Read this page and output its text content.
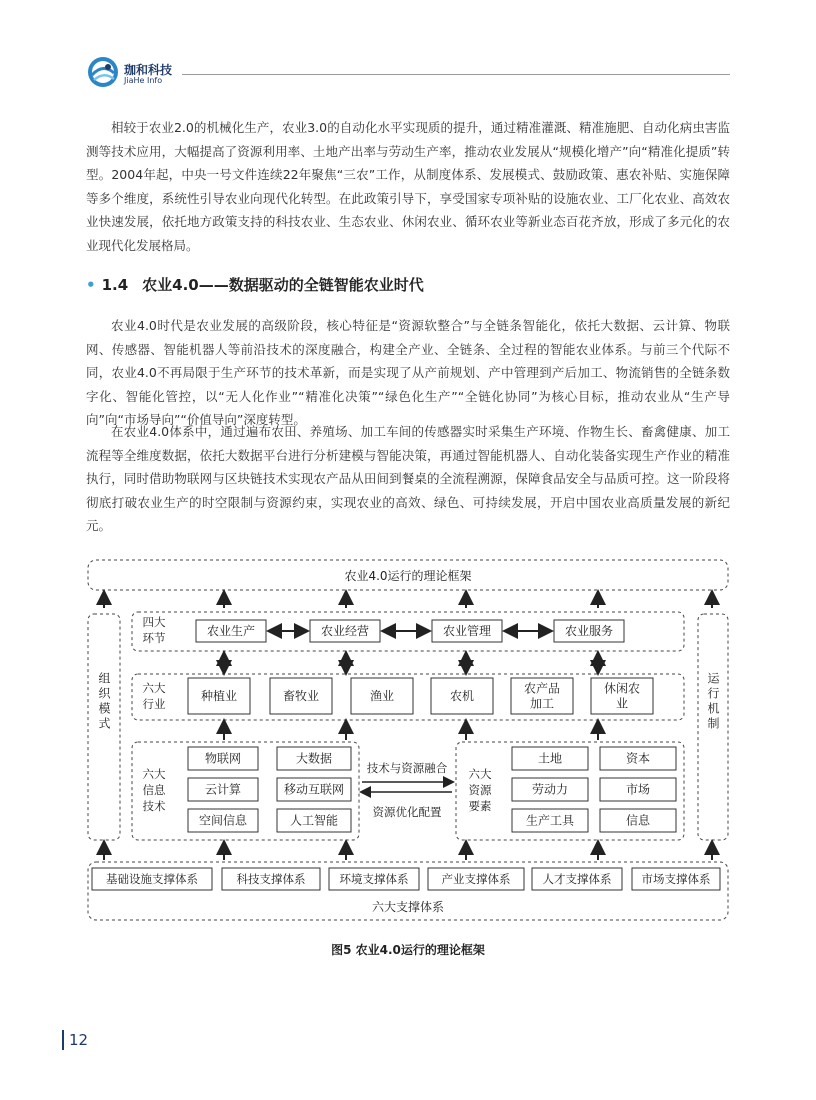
珈和科技
JiaHe Info

相较于农业2.0的机械化生产，农业3.0的自动化水平实现质的提升，通过精准灌溉、精准施肥、自动化病虫害监测等技术应用，大幅提高了资源利用率、土地产出率与劳动生产率，推动农业发展从“规模化增产”向“精准化提质”转型。2004年起，中央一号文件连续22年聚焦“三农”工作，从制度体系、发展模式、鼓励政策、惠农补贴、实施保障等多个维度，系统性引导农业向现代化转型。在此政策引导下，享受国家专项补贴的设施农业、工厂化农业、高效农业快速发展，依托地方政策支持的科技农业、生态农业、休闲农业、循环农业等新业态百花齐放，形成了多元化的农业现代化发展格局。

• 1.4 农业4.0——数据驱动的全链智能农业时代

农业4.0时代是农业发展的高级阶段，核心特征是“资源软整合”与全链条智能化，依托大数据、云计算、物联网、传感器、智能机器人等前沿技术的深度融合，构建全产业、全链条、全过程的智能农业体系。与前三个代际不同，农业4.0不再局限于生产环节的技术革新，而是实现了从产前规划、产中管理到产后加工、物流销售的全链条数字化、智能化管控，以“无人化作业”“精准化决策”“绿色化生产”“全链化协同”为核心目标，推动农业从“生产导向”向“市场导向”“价值导向”深度转型。

在农业4.0体系中，通过遍布农田、养殖场、加工车间的传感器实时采集生产环境、作物生长、畜禽健康、加工流程等全维度数据，依托大数据平台进行分析建模与智能决策，再通过智能机器人、自动化装备实现生产作业的精准执行，同时借助物联网与区块链技术实现农产品从田间到餐桌的全流程溯源，保障食品安全与品质可控。这一阶段将彻底打破农业生产的时空限制与资源约束，实现农业的高效、绿色、可持续发展，开启中国农业高质量发展的新纪元。

农业4.0运行的理论框架
组织模式	运行机制
四大
环节	农业生产	农业经营	农业管理	农业服务
六大
行业
种植业	畜牧业	渔业	农机
农产品
加工
休闲农
业
六大
信息
技术
物联网	大数据
云计算	移动互联网
空间信息	人工智能
六大
资源
要素
土地	资本
劳动力	市场
生产工具	信息
技术与资源融合
资源优化配置
基础设施支撑体系	科技支撑体系	环境支撑体系	产业支撑体系	人才支撑体系	市场支撑体系
六大支撑体系
图5 农业4.0运行的理论框架
12
